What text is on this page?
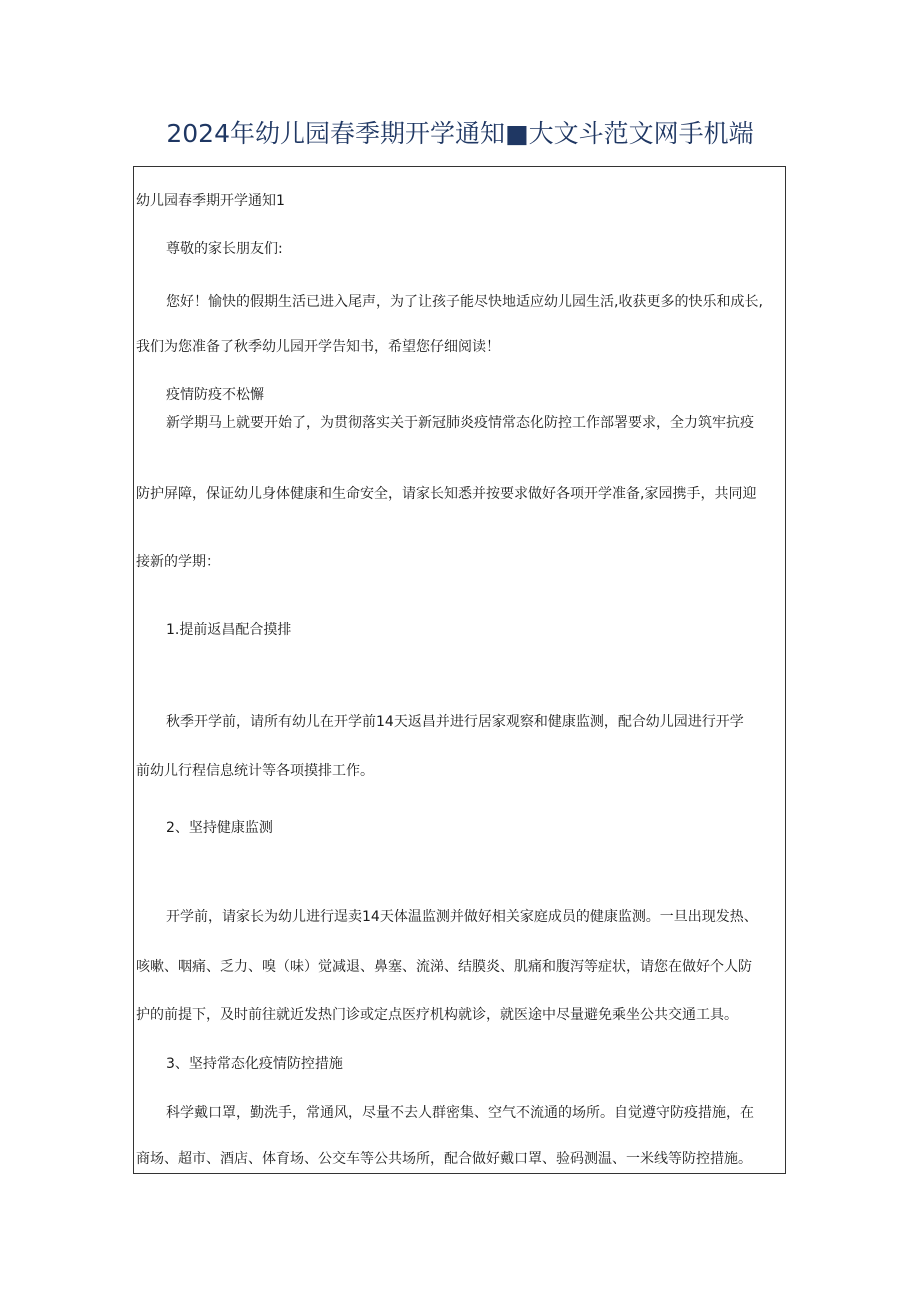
2024年幼儿园春季期开学通知■大文斗范文网手机端
幼儿园春季期开学通知1
尊敬的家长朋友们:
您好！愉快的假期生活已进入尾声，为了让孩子能尽快地适应幼儿园生活,收获更多的快乐和成长,
我们为您准备了秋季幼儿园开学告知书，希望您仔细阅读！
疫情防疫不松懈
新学期马上就要开始了，为贯彻落实关于新冠肺炎疫情常态化防控工作部署要求，全力筑牢抗疫
防护屏障，保证幼儿身体健康和生命安全，请家长知悉并按要求做好各项开学准备,家园携手，共同迎
接新的学期：
1.提前返昌配合摸排
秋季开学前，请所有幼儿在开学前14天返昌并进行居家观察和健康监测，配合幼儿园进行开学
前幼儿行程信息统计等各项摸排工作。
2、坚持健康监测
开学前，请家长为幼儿进行逞卖14天体温监测并做好相关家庭成员的健康监测。一旦出现发热、
咳嗽、咽痛、乏力、嗅（味）觉减退、鼻塞、流涕、结膜炎、肌痛和腹泻等症状，请您在做好个人防
护的前提下，及时前往就近发热门诊或定点医疗机构就诊，就医途中尽量避免乘坐公共交通工具。
3、坚持常态化疫情防控措施
科学戴口罩，勤洗手，常通风，尽量不去人群密集、空气不流通的场所。自觉遵守防疫措施，在
商场、超市、酒店、体育场、公交车等公共场所，配合做好戴口罩、验码测温、一米线等防控措施。
